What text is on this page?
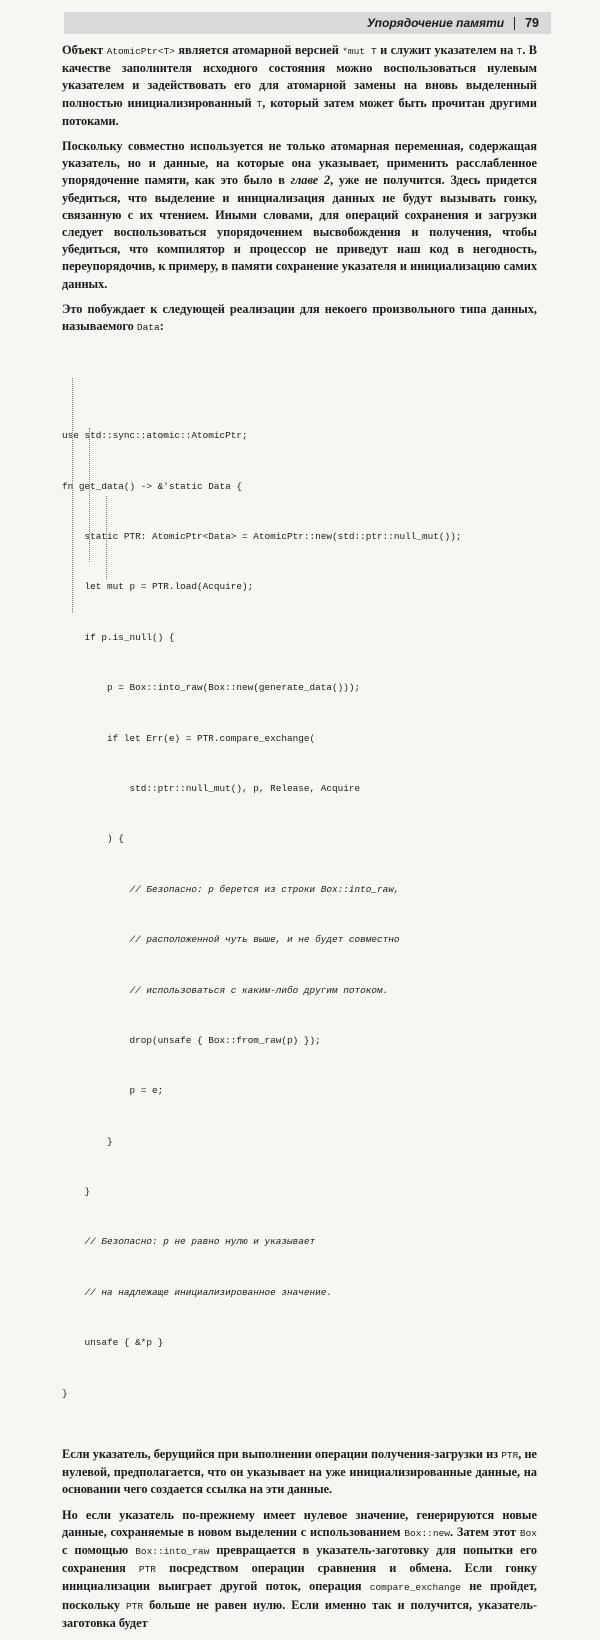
Упорядочение памяти 79

Объект AtomicPtr<T> является атомарной версией *mut T и служит указателем на T. В качестве заполнителя исходного состояния можно воспользоваться нулевым указателем и задействовать его для атомарной замены на вновь выделенный полностью инициализированный T, который затем может быть прочитан другими потоками.

Поскольку совместно используется не только атомарная переменная, содержащая указатель, но и данные, на которые она указывает, применить расслабленное упорядочение памяти, как это было в главе 2, уже не получится. Здесь придется убедиться, что выделение и инициализация данных не будут вызывать гонку, связанную с их чтением. Иными словами, для операций сохранения и загрузки следует воспользоваться упорядочением высвобождения и получения, чтобы убедиться, что компилятор и процессор не приведут наш код в негодность, переупорядочив, к примеру, в памяти сохранение указателя и инициализацию самих данных.

Это побуждает к следующей реализации для некоего произвольного типа данных, называемого Data:

use std::sync::atomic::AtomicPtr;

fn get_data() -> &'static Data {

static PTR: AtomicPtr<Data> = AtomicPtr::new(std::ptr::null_mut());

let mut p = PTR.load(Acquire);

if p.is_null() {

p = Box::into_raw(Box::new(generate_data()));

if let Err(e) = PTR.compare_exchange(

std::ptr::null_mut(), p, Release, Acquire

) {

// Безопасно: p берется из строки Box::into_raw,

// расположенной чуть выше, и не будет совместно

// использоваться с каким-либо другим потоком.

drop(unsafe { Box::from_raw(p) });

p = e;

}

}

// Безопасно: p не равно нулю и указывает

// на надлежаще инициализированное значение.

unsafe { &*p }

}

Если указатель, берущийся при выполнении операции получения-загрузки из PTR, не нулевой, предполагается, что он указывает на уже инициализированные данные, на основании чего создается ссылка на эти данные.

Но если указатель по-прежнему имеет нулевое значение, генерируются новые данные, сохраняемые в новом выделении с использованием Box::new. Затем этот Box с помощью Box::into_raw превращается в указатель-заготовку для попытки его сохранения PTR посредством операции сравнения и обмена. Если гонку инициализации выиграет другой поток, операция compare_exchange не пройдет, поскольку PTR больше не равен нулю. Если именно так и получится, указатель-заготовка будет
